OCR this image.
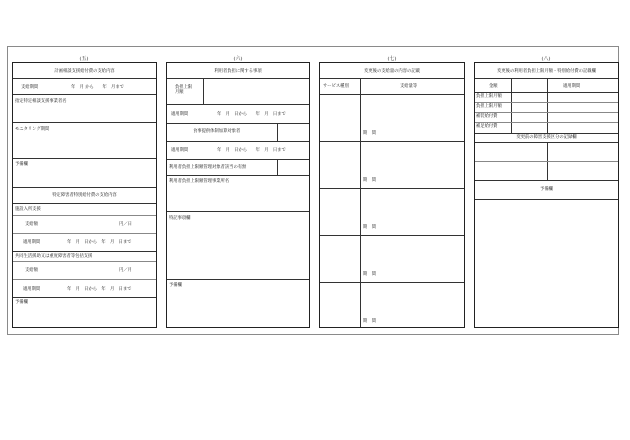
(五)
計画相談支援給付費の支給内容
支給期間	年　月 から　　年　月まで
指定特定相談支援事業者名
モニタリング期間
予備欄
特定障害者特別給付費の支給内容
施設入所支援
支給額	円／日
適用期間	年　月　日から　年　月　日まで
共同生活援助又は重度障害者等包括支援
支給額	円／月
適用期間	年　月　日から　年　月　日まで
予備欄
(六)
利用者負担に関する事項
負担上限
月額
適用期間	年　月　日から　　年　月　日まで
食事提供体制加算対象者
適用期間	年　月　日から　　年　月　日まで
利用者負担上限額管理対象者該当の有無
利用者負担上限額管理事業所名
特記事項欄
予備欄
(七)
変更後の支給量の内容の記載
サービス種別	支給量等
期　間
期　間
期　間
期　間
期　間
(八)
変更後の利用者負担上限月額・特別給付費の記載欄
金額	適用期間
負担上限月額
負担上限月額
補装給付費
補足給付費
変更前の障害支援区分の記録欄
予備欄
